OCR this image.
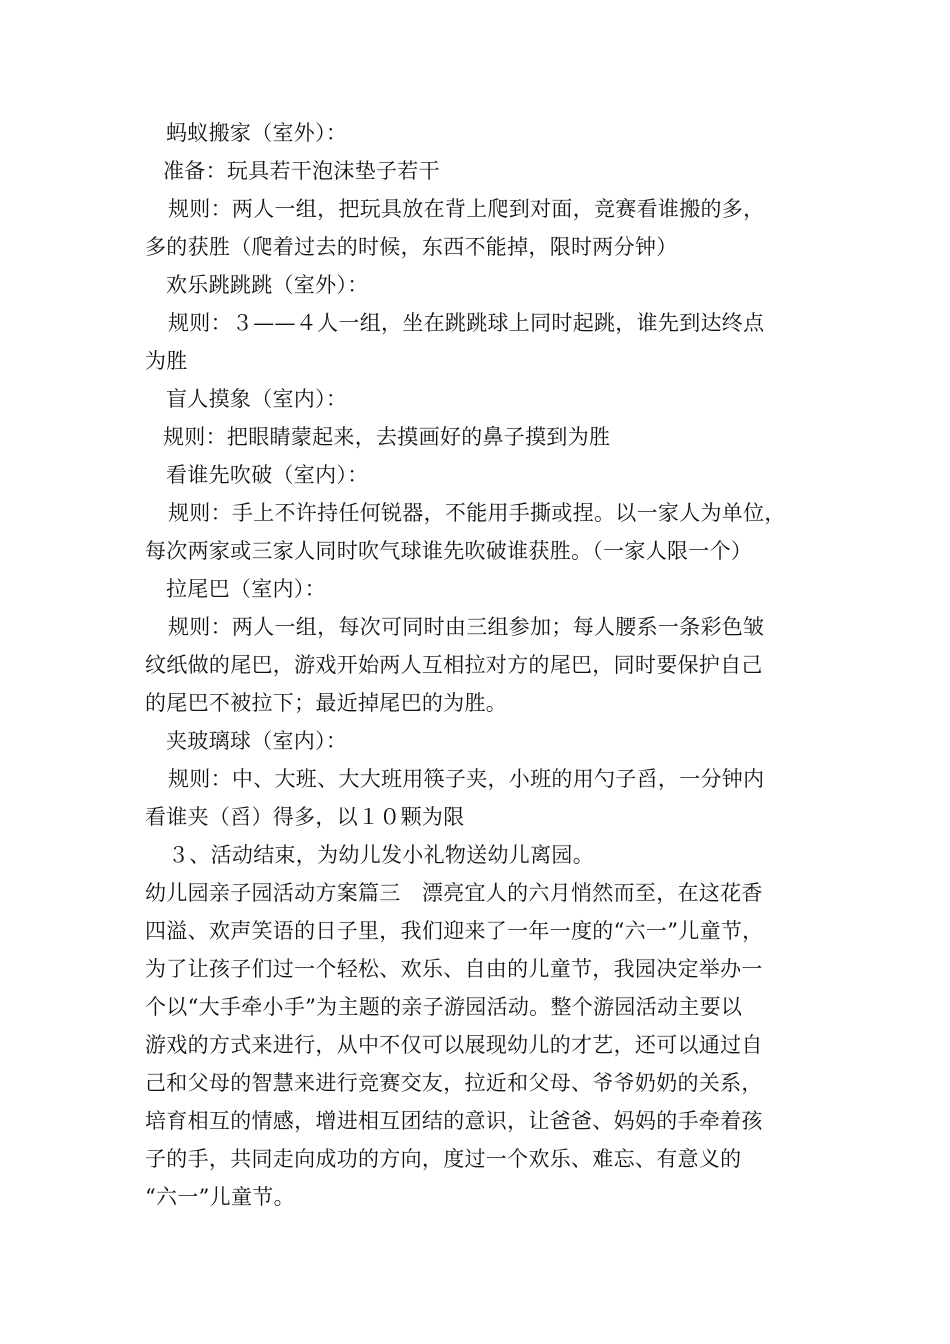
蚂蚁搬家（室外）：
准备：玩具若干泡沫垫子若干
规则：两人一组，把玩具放在背上爬到对面，竞赛看谁搬的多，
多的获胜（爬着过去的时候，东西不能掉，限时两分钟）
欢乐跳跳跳（室外）：
规则：３——４人一组，坐在跳跳球上同时起跳，谁先到达终点
为胜
盲人摸象（室内）：
规则：把眼睛蒙起来，去摸画好的鼻子摸到为胜
看谁先吹破（室内）：
规则：手上不许持任何锐器，不能用手撕或捏。以一家人为单位，
每次两家或三家人同时吹气球谁先吹破谁获胜。（一家人限一个）
拉尾巴（室内）：
规则：两人一组，每次可同时由三组参加；每人腰系一条彩色皱
纹纸做的尾巴，游戏开始两人互相拉对方的尾巴，同时要保护自己
的尾巴不被拉下；最近掉尾巴的为胜。
夹玻璃球（室内）：
规则：中、大班、大大班用筷子夹，小班的用勺子舀，一分钟内
看谁夹（舀）得多，以１０颗为限
３、活动结束，为幼儿发小礼物送幼儿离园。
幼儿园亲子园活动方案篇三　漂亮宜人的六月悄然而至，在这花香
四溢、欢声笑语的日子里，我们迎来了一年一度的“六一”儿童节，
为了让孩子们过一个轻松、欢乐、自由的儿童节，我园决定举办一
个以“大手牵小手”为主题的亲子游园活动。整个游园活动主要以
游戏的方式来进行，从中不仅可以展现幼儿的才艺，还可以通过自
己和父母的智慧来进行竞赛交友，拉近和父母、爷爷奶奶的关系，
培育相互的情感，增进相互团结的意识，让爸爸、妈妈的手牵着孩
子的手，共同走向成功的方向，度过一个欢乐、难忘、有意义的
“六一”儿童节。
